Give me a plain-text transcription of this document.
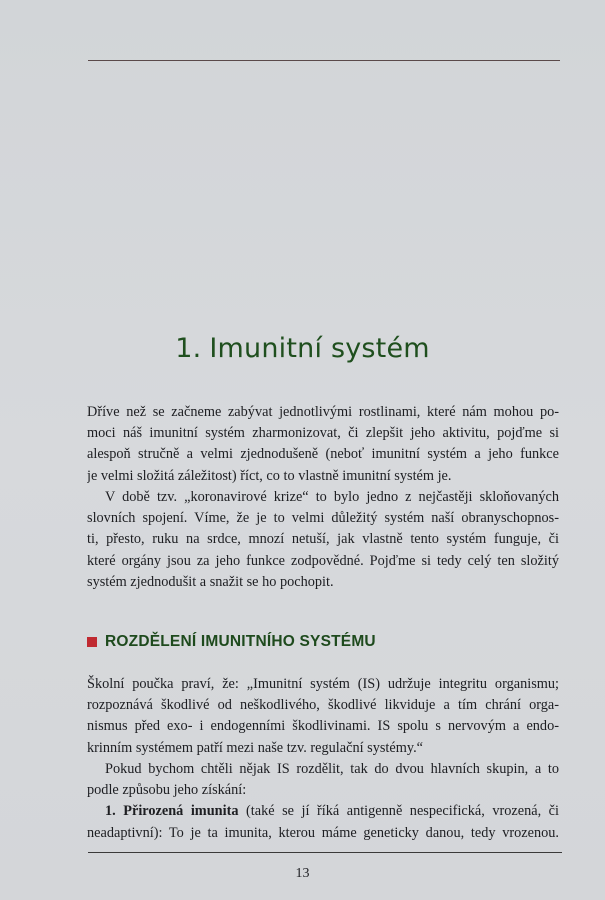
1. Imunitní systém
Dříve než se začneme zabývat jednotlivými rostlinami, které nám mohou po-
moci náš imunitní systém zharmonizovat, či zlepšit jeho aktivitu, pojďme si
alespoň stručně a velmi zjednodušeně (neboť imunitní systém a jeho funkce
je velmi složitá záležitost) říct, co to vlastně imunitní systém je.
V době tzv. „koronavirové krize“ to bylo jedno z nejčastěji skloňovaných
slovních spojení. Víme, že je to velmi důležitý systém naší obranyschopnos-
ti, přesto, ruku na srdce, mnozí netuší, jak vlastně tento systém funguje, či
které orgány jsou za jeho funkce zodpovědné. Pojďme si tedy celý ten složitý
systém zjednodušit a snažit se ho pochopit.
ROZDĚLENÍ IMUNITNÍHO SYSTÉMU
Školní poučka praví, že: „Imunitní systém (IS) udržuje integritu organismu;
rozpoznává škodlivé od neškodlivého, škodlivé likviduje a tím chrání orga-
nismus před exo- i endogenními škodlivinami. IS spolu s nervovým a endo-
krinním systémem patří mezi naše tzv. regulační systémy.“
Pokud bychom chtěli nějak IS rozdělit, tak do dvou hlavních skupin, a to
podle způsobu jeho získání:
1. Přirozená imunita (také se jí říká antigenně nespecifická, vrozená, či
neadaptivní): To je ta imunita, kterou máme geneticky danou, tedy vrozenou.
13
